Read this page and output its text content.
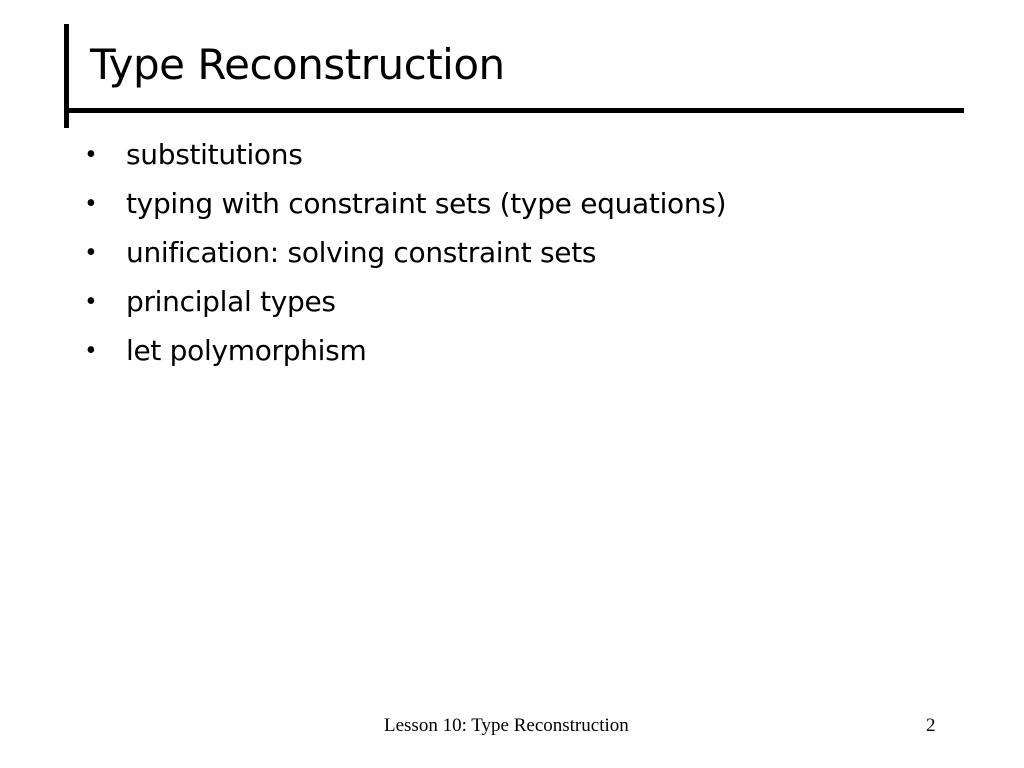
Type Reconstruction
•	substitutions
•	typing with constraint sets (type equations)
•	unification: solving constraint sets
•	principlal types
•	let polymorphism
Lesson 10: Type Reconstruction	2
